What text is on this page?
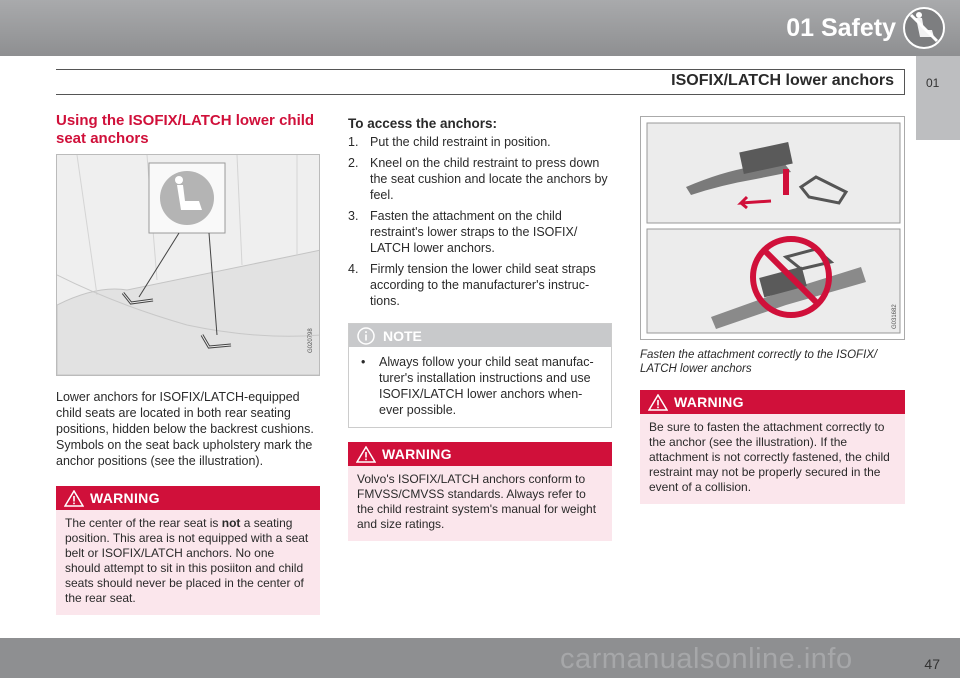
01 Safety
ISOFIX/LATCH lower anchors	01
Using the ISOFIX/LATCH lower child seat anchors
G020798

Lower anchors for ISOFIX/LATCH-equipped child seats are located in both rear seating positions, hidden below the backrest cushions. Symbols on the seat back upholstery mark the anchor positions (see the illustration).

WARNING
The center of the rear seat is not a seating position. This area is not equipped with a seat belt or ISOFIX/LATCH anchors. No one should attempt to sit in this posiiton and child seats should never be placed in the center of the rear seat.
To access the anchors:
1. Put the child restraint in position.
2. Kneel on the child restraint to press down the seat cushion and locate the anchors by feel.
3. Fasten the attachment on the child restraint's lower straps to the ISOFIX/ LATCH lower anchors.
4. Firmly tension the lower child seat straps according to the manufacturer's instruc- tions.
NOTE
•	Always follow your child seat manufac- turer's installation instructions and use ISOFIX/LATCH lower anchors when- ever possible.
WARNING
Volvo's ISOFIX/LATCH anchors conform to FMVSS/CMVSS standards. Always refer to the child restraint system's manual for weight and size ratings.
G031682
Fasten the attachment correctly to the ISOFIX/ LATCH lower anchors
WARNING
Be sure to fasten the attachment correctly to the anchor (see the illustration). If the attachment is not correctly fastened, the child restraint may not be properly secured in the event of a collision.
carmanualsonline.info	47
